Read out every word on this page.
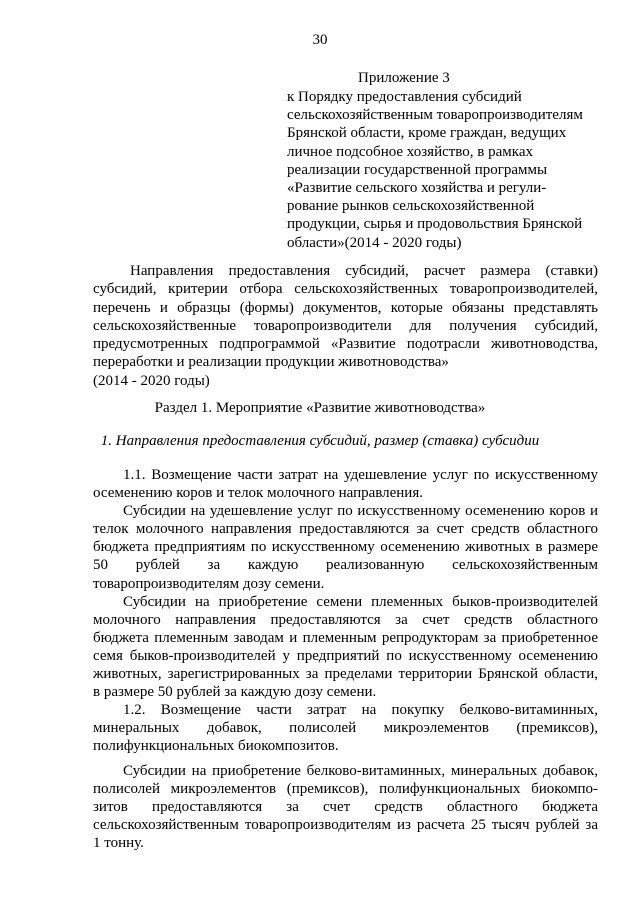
30
Приложение 3
к Порядку предоставления субсидий
сельскохозяйственным товаропроизводителям
Брянской области, кроме граждан, ведущих
личное подсобное хозяйство, в рамках
реализации государственной программы
«Развитие сельского хозяйства и регули-
рование рынков сельскохозяйственной
продукции, сырья и продовольствия Брянской
области»(2014 - 2020 годы)
Направления предоставления субсидий, расчет размера (ставки)
субсидий, критерии отбора сельскохозяйственных товаропроизводителей,
перечень и образцы (формы) документов, которые обязаны представлять
сельскохозяйственные товаропроизводители для получения субсидий,
предусмотренных подпрограммой «Развитие подотрасли животноводства,
переработки и реализации продукции животноводства»
(2014 - 2020 годы)
Раздел 1. Мероприятие «Развитие животноводства»
1. Направления предоставления субсидий, размер (ставка) субсидии
1.1. Возмещение части затрат на удешевление услуг по искусственному
осеменению коров и телок молочного направления.
Субсидии на удешевление услуг по искусственному осеменению коров и
телок молочного направления предоставляются за счет средств областного
бюджета предприятиям по искусственному осеменению животных в размере
50 рублей за каждую реализованную сельскохозяйственным
товаропроизводителям дозу семени.
Субсидии на приобретение семени племенных быков-производителей
молочного направления предоставляются за счет средств областного
бюджета племенным заводам и племенным репродукторам за приобретенное
семя быков-производителей у предприятий по искусственному осеменению
животных, зарегистрированных за пределами территории Брянской области,
в размере 50 рублей за каждую дозу семени.
1.2. Возмещение части затрат на покупку белково-витаминных,
минеральных добавок, полисолей микроэлементов (премиксов),
полифункциональных биокомпозитов.
Субсидии на приобретение белково-витаминных, минеральных добавок,
полисолей микроэлементов (премиксов), полифункциональных биокомпо-
зитов предоставляются за счет средств областного бюджета
сельскохозяйственным товаропроизводителям из расчета 25 тысяч рублей за
1 тонну.
